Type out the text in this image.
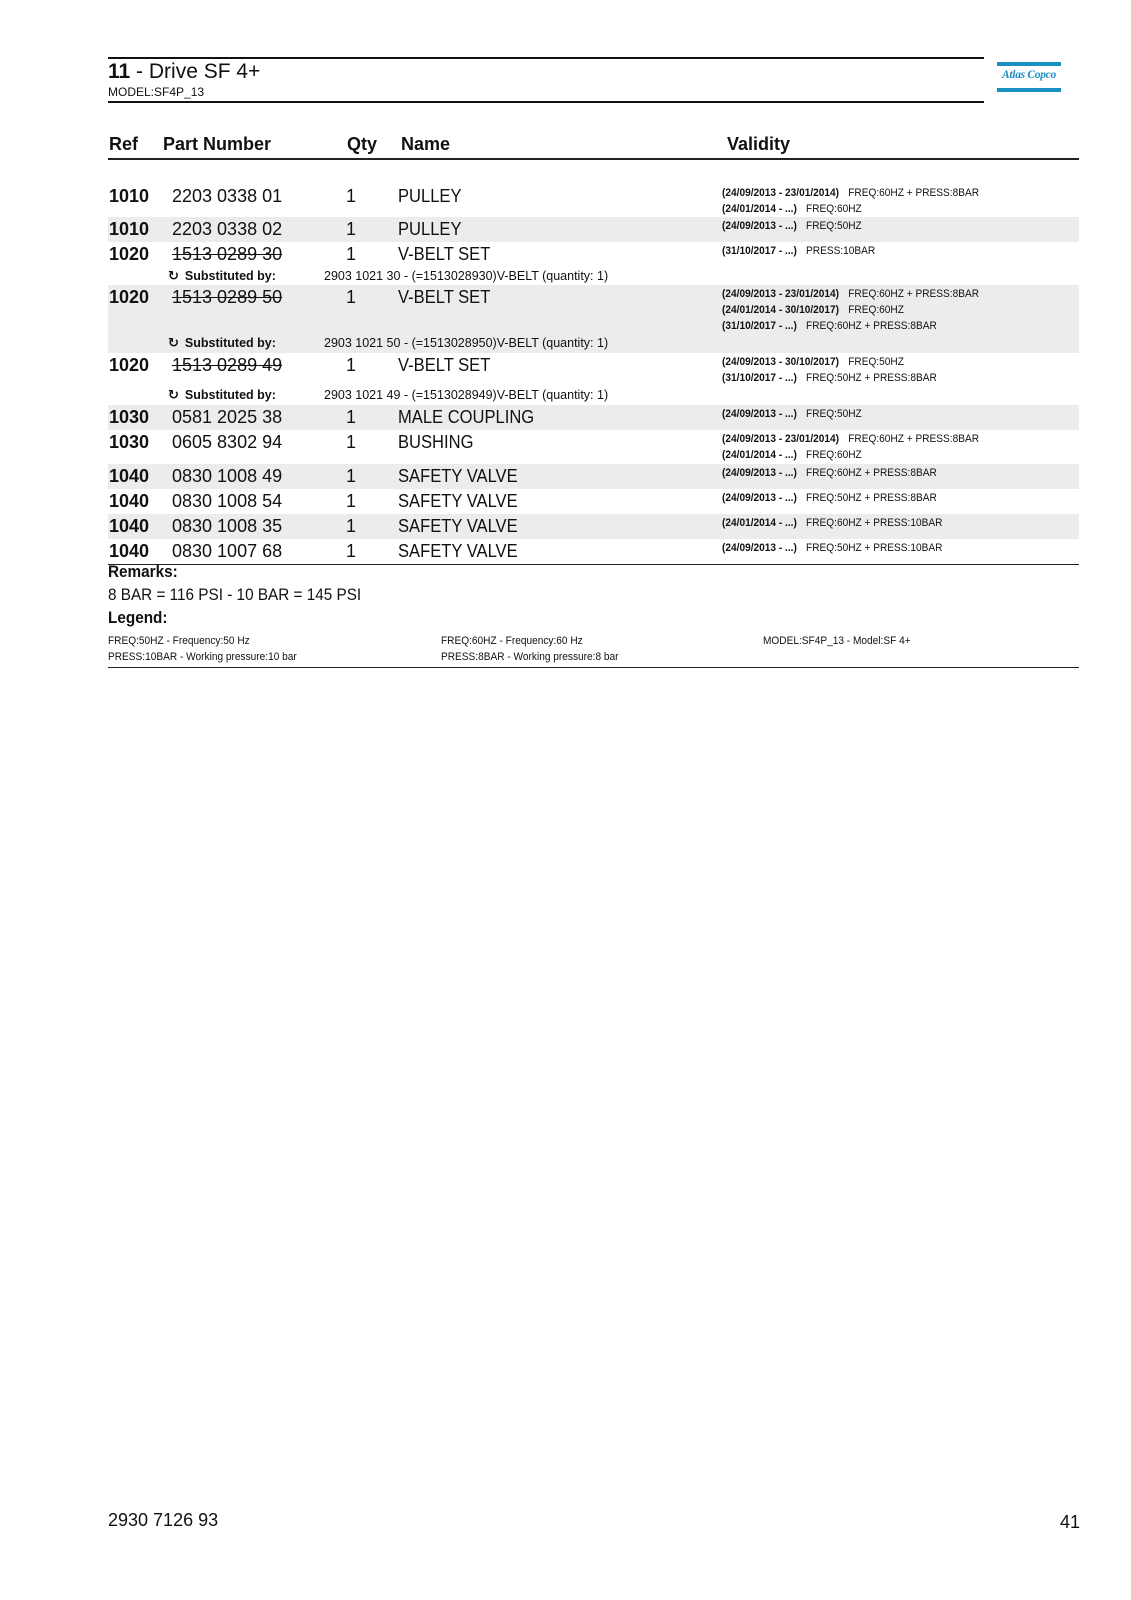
11 - Drive SF 4+
MODEL:SF4P_13
Atlas Copco
Ref Part Number	Qty Name	Validity
1010 2203 0338 01	1 PULLEY	(24/09/2013 - 23/01/2014) FREQ:60HZ + PRESS:8BAR
(24/01/2014 - ...) FREQ:60HZ
1010 2203 0338 02	1 PULLEY	(24/09/2013 - ...) FREQ:50HZ
1020 1513 0289 30	1 V-BELT SET	(31/10/2017 - ...) PRESS:10BAR
↻ Substituted by:	2903 1021 30 - (=1513028930)V-BELT (quantity: 1)
1020 1513 0289 50	1 V-BELT SET	(24/09/2013 - 23/01/2014) FREQ:60HZ + PRESS:8BAR
(24/01/2014 - 30/10/2017) FREQ:60HZ
(31/10/2017 - ...) FREQ:60HZ + PRESS:8BAR
↻ Substituted by:	2903 1021 50 - (=1513028950)V-BELT (quantity: 1)
1020 1513 0289 49	1 V-BELT SET	(24/09/2013 - 30/10/2017) FREQ:50HZ
(31/10/2017 - ...) FREQ:50HZ + PRESS:8BAR
↻ Substituted by:	2903 1021 49 - (=1513028949)V-BELT (quantity: 1)
1030 0581 2025 38	1 MALE COUPLING	(24/09/2013 - ...) FREQ:50HZ
1030 0605 8302 94	1 BUSHING	(24/09/2013 - 23/01/2014) FREQ:60HZ + PRESS:8BAR
(24/01/2014 - ...) FREQ:60HZ
1040 0830 1008 49	1 SAFETY VALVE	(24/09/2013 - ...) FREQ:60HZ + PRESS:8BAR
1040 0830 1008 54	1 SAFETY VALVE	(24/09/2013 - ...) FREQ:50HZ + PRESS:8BAR
1040 0830 1008 35	1 SAFETY VALVE	(24/01/2014 - ...) FREQ:60HZ + PRESS:10BAR
1040 0830 1007 68	1 SAFETY VALVE	(24/09/2013 - ...) FREQ:50HZ + PRESS:10BAR
Remarks:
8 BAR = 116 PSI - 10 BAR = 145 PSI
Legend:
FREQ:50HZ - Frequency:50 Hz	FREQ:60HZ - Frequency:60 Hz	MODEL:SF4P_13 - Model:SF 4+
PRESS:10BAR - Working pressure:10 bar	PRESS:8BAR - Working pressure:8 bar
2930 7126 93	41
